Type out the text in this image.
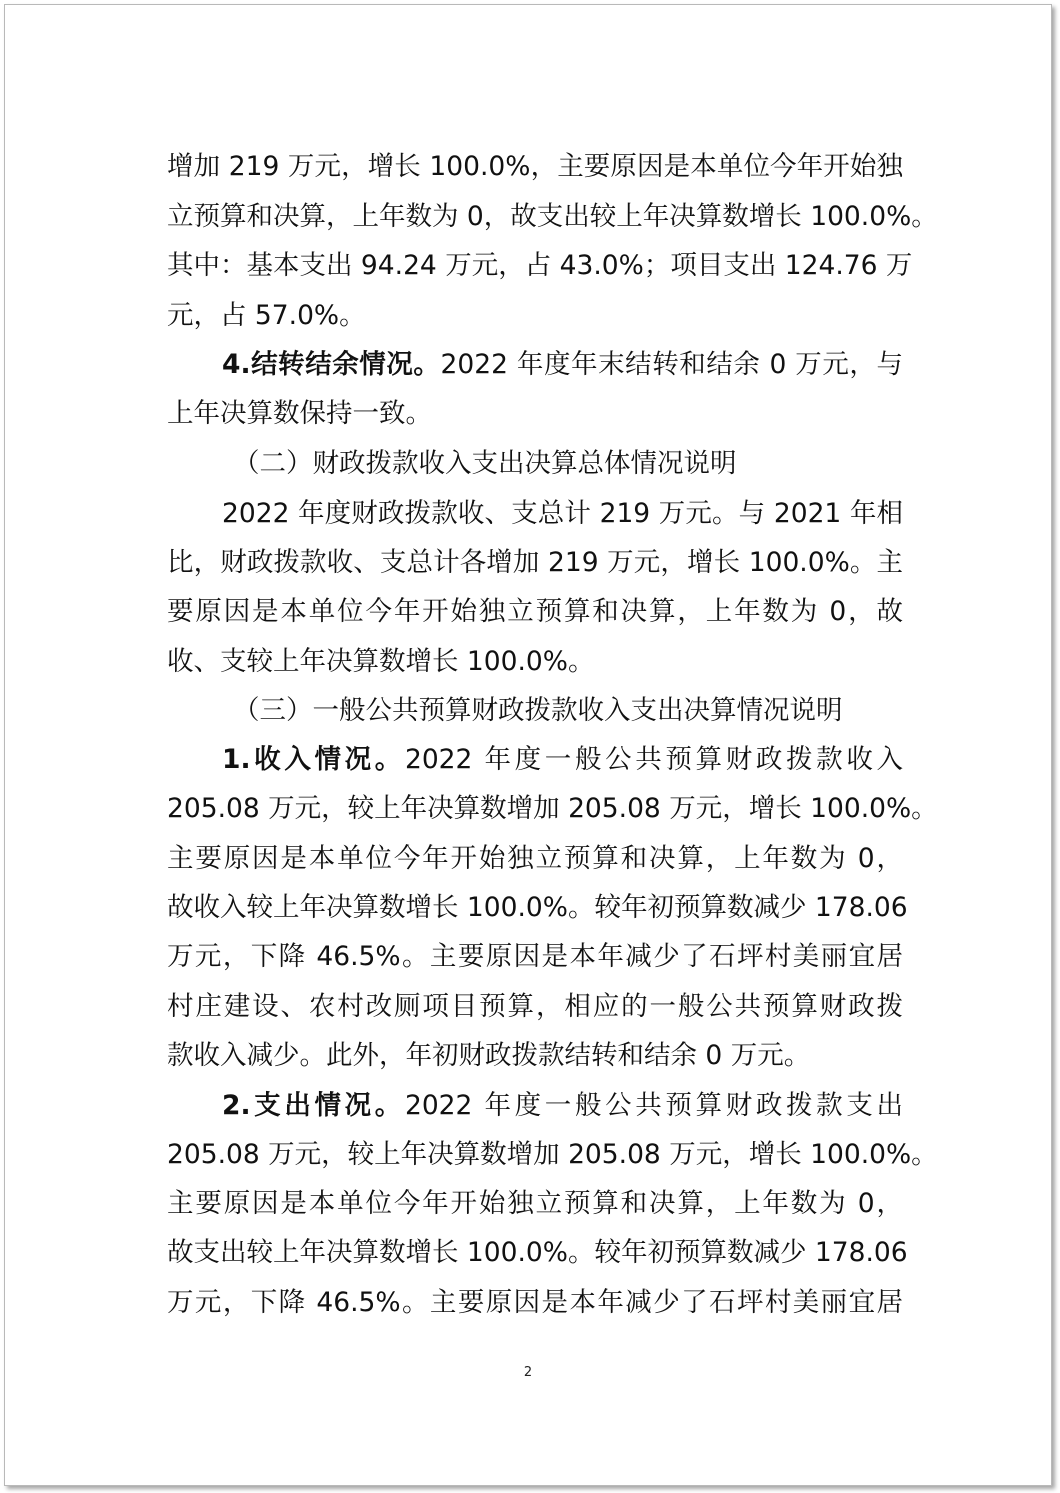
增加 219 万元，增长 100.0%，主要原因是本单位今年开始独
立预算和决算，上年数为 0，故支出较上年决算数增长 100.0%。
其中：基本支出 94.24 万元，占 43.0%；项目支出 124.76 万
元，占 57.0%。
4.结转结余情况。2022 年度年末结转和结余 0 万元，与
上年决算数保持一致。
（二）财政拨款收入支出决算总体情况说明
2022 年度财政拨款收、支总计 219 万元。与 2021 年相
比，财政拨款收、支总计各增加 219 万元，增长 100.0%。主
要原因是本单位今年开始独立预算和决算，上年数为 0，故
收、支较上年决算数增长 100.0%。
（三）一般公共预算财政拨款收入支出决算情况说明
1.收入情况。2022 年度一般公共预算财政拨款收入
205.08 万元，较上年决算数增加 205.08 万元，增长 100.0%。
主要原因是本单位今年开始独立预算和决算，上年数为 0，
故收入较上年决算数增长 100.0%。较年初预算数减少 178.06
万元，下降 46.5%。主要原因是本年减少了石坪村美丽宜居
村庄建设、农村改厕项目预算，相应的一般公共预算财政拨
款收入减少。此外，年初财政拨款结转和结余 0 万元。
2.支出情况。2022 年度一般公共预算财政拨款支出
205.08 万元，较上年决算数增加 205.08 万元，增长 100.0%。
主要原因是本单位今年开始独立预算和决算，上年数为 0，
故支出较上年决算数增长 100.0%。较年初预算数减少 178.06
万元，下降 46.5%。主要原因是本年减少了石坪村美丽宜居
2
